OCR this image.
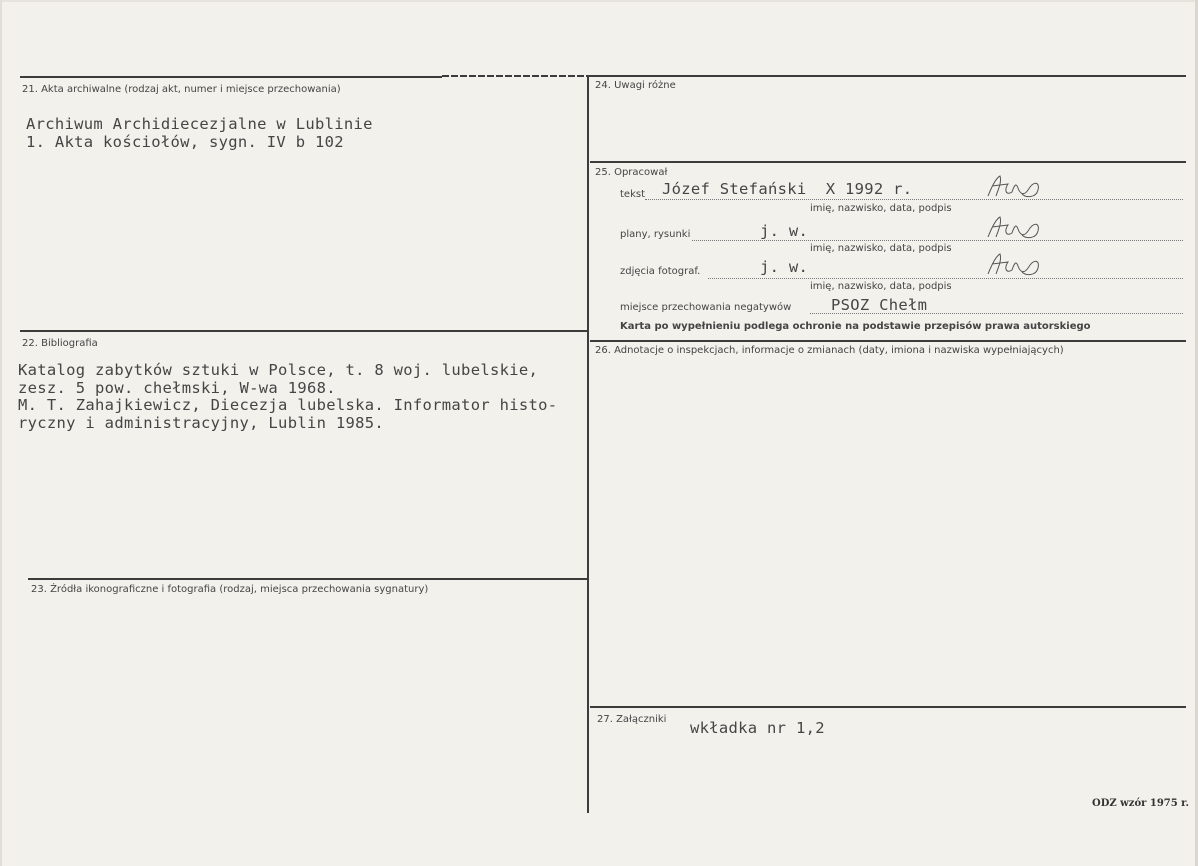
21. Akta archiwalne (rodzaj akt, numer i miejsce przechowania)
Archiwum Archidiecezjalne w Lublinie
1. Akta kościołów, sygn. IV b 102
22. Bibliografia
Katalog zabytków sztuki w Polsce, t. 8 woj. lubelskie,
zesz. 5 pow. chełmski, W-wa 1968.
M. T. Zahajkiewicz, Diecezja lubelska. Informator histo-
ryczny i administracyjny, Lublin 1985.
23. Źródła ikonograficzne i fotografia (rodzaj, miejsca przechowania sygnatury)
24. Uwagi różne
25. Opracował
tekst Józef Stefański  X 1992 r.
imię, nazwisko, data, podpis
plany, rysunki	j. w.
imię, nazwisko, data, podpis
zdjęcia fotograf.	j. w.
imię, nazwisko, data, podpis
miejsce przechowania negatywów	PSOZ Chełm
Karta po wypełnieniu podlega ochronie na podstawie przepisów prawa autorskiego
26. Adnotacje o inspekcjach, informacje o zmianach (daty, imiona i nazwiska wypełniających)
27. Załączniki wkładka nr 1,2
ODZ wzór 1975 r.
